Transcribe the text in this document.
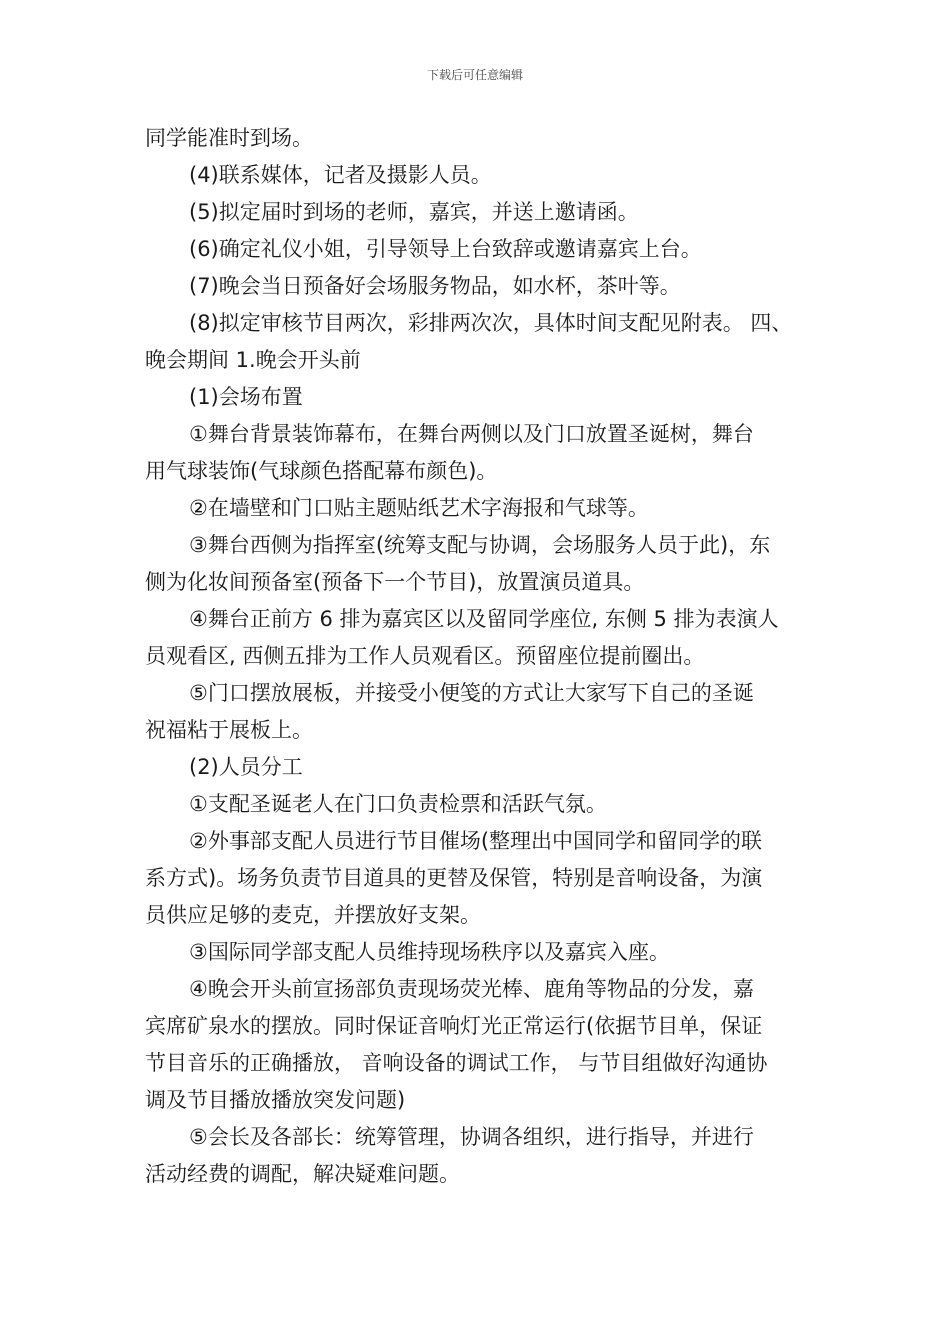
下载后可任意编辑
同学能准时到场。
(4)联系媒体，记者及摄影人员。
(5)拟定届时到场的老师，嘉宾，并送上邀请函。
(6)确定礼仪小姐，引导领导上台致辞或邀请嘉宾上台。
(7)晚会当日预备好会场服务物品，如水杯，茶叶等。
(8)拟定审核节目两次，彩排两次次，具体时间支配见附表。 四、
晚会期间 1.晚会开头前
(1)会场布置
①舞台背景装饰幕布，在舞台两侧以及门口放置圣诞树，舞台
用气球装饰(气球颜色搭配幕布颜色)。
②在墙壁和门口贴主题贴纸艺术字海报和气球等。
③舞台西侧为指挥室(统筹支配与协调，会场服务人员于此)，东
侧为化妆间预备室(预备下一个节目)，放置演员道具。
④舞台正前方 6 排为嘉宾区以及留同学座位, 东侧 5 排为表演人
员观看区, 西侧五排为工作人员观看区。预留座位提前圈出。
⑤门口摆放展板，并接受小便笺的方式让大家写下自己的圣诞
祝福粘于展板上。
(2)人员分工
①支配圣诞老人在门口负责检票和活跃气氛。
②外事部支配人员进行节目催场(整理出中国同学和留同学的联
系方式)。场务负责节目道具的更替及保管，特别是音响设备，为演
员供应足够的麦克，并摆放好支架。
③国际同学部支配人员维持现场秩序以及嘉宾入座。
④晚会开头前宣扬部负责现场荧光棒、鹿角等物品的分发，嘉
宾席矿泉水的摆放。同时保证音响灯光正常运行(依据节目单，保证
节目音乐的正确播放， 音响设备的调试工作， 与节目组做好沟通协
调及节目播放播放突发问题)
⑤会长及各部长：统筹管理，协调各组织，进行指导，并进行
活动经费的调配，解决疑难问题。
